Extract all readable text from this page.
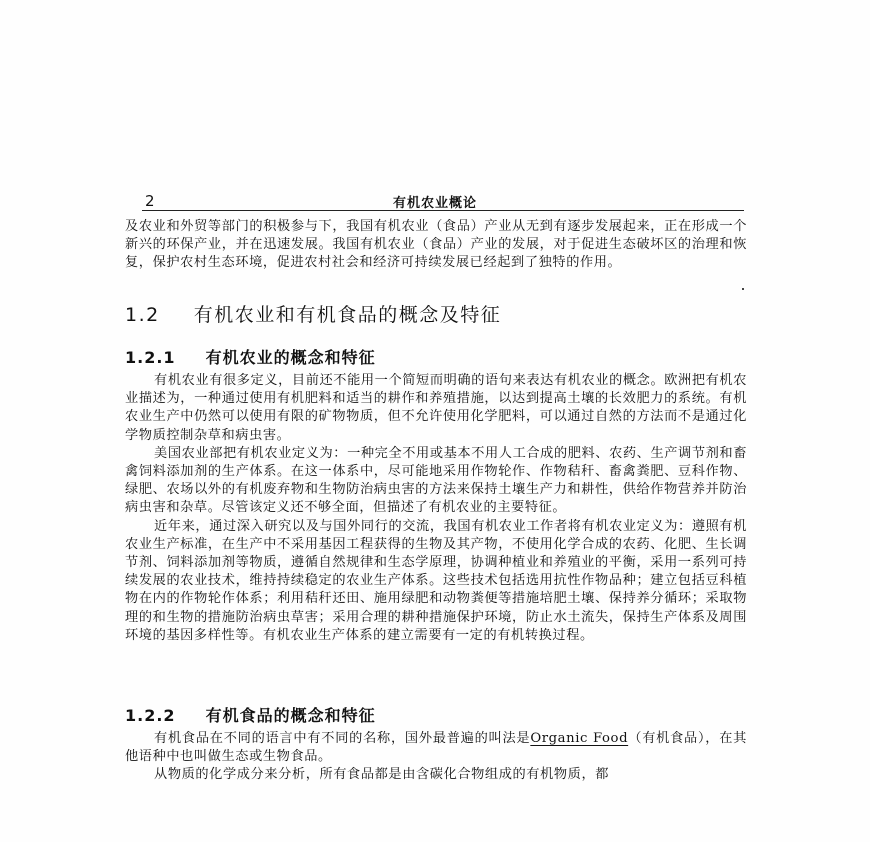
2	有机农业概论

及农业和外贸等部门的积极参与下，我国有机农业（食品）产业从无到有逐步发展起来，正在形成一个新兴的环保产业，并在迅速发展。我国有机农业（食品）产业的发展，对于促进生态破坏区的治理和恢复，保护农村生态环境，促进农村社会和经济可持续发展已经起到了独特的作用。

1.2 有机农业和有机食品的概念及特征
1.2.1 有机农业的概念和特征

有机农业有很多定义，目前还不能用一个简短而明确的语句来表达有机农业的概念。欧洲把有机农业描述为，一种通过使用有机肥料和适当的耕作和养殖措施，以达到提高土壤的长效肥力的系统。有机农业生产中仍然可以使用有限的矿物物质，但不允许使用化学肥料，可以通过自然的方法而不是通过化学物质控制杂草和病虫害。

美国农业部把有机农业定义为：一种完全不用或基本不用人工合成的肥料、农药、生产调节剂和畜禽饲料添加剂的生产体系。在这一体系中，尽可能地采用作物轮作、作物秸秆、畜禽粪肥、豆科作物、绿肥、农场以外的有机废弃物和生物防治病虫害的方法来保持土壤生产力和耕性，供给作物营养并防治病虫害和杂草。尽管该定义还不够全面，但描述了有机农业的主要特征。

近年来，通过深入研究以及与国外同行的交流，我国有机农业工作者将有机农业定义为：遵照有机农业生产标准，在生产中不采用基因工程获得的生物及其产物，不使用化学合成的农药、化肥、生长调节剂、饲料添加剂等物质，遵循自然规律和生态学原理，协调种植业和养殖业的平衡，采用一系列可持续发展的农业技术，维持持续稳定的农业生产体系。这些技术包括选用抗性作物品种；建立包括豆科植物在内的作物轮作体系；利用秸秆还田、施用绿肥和动物粪便等措施培肥土壤、保持养分循环；采取物理的和生物的措施防治病虫草害；采用合理的耕种措施保护环境，防止水土流失，保持生产体系及周围环境的基因多样性等。有机农业生产体系的建立需要有一定的有机转换过程。

1.2.2 有机食品的概念和特征

有机食品在不同的语言中有不同的名称，国外最普遍的叫法是Organic Food（有机食品），在其他语种中也叫做生态或生物食品。

从物质的化学成分来分析，所有食品都是由含碳化合物组成的有机物质，都
